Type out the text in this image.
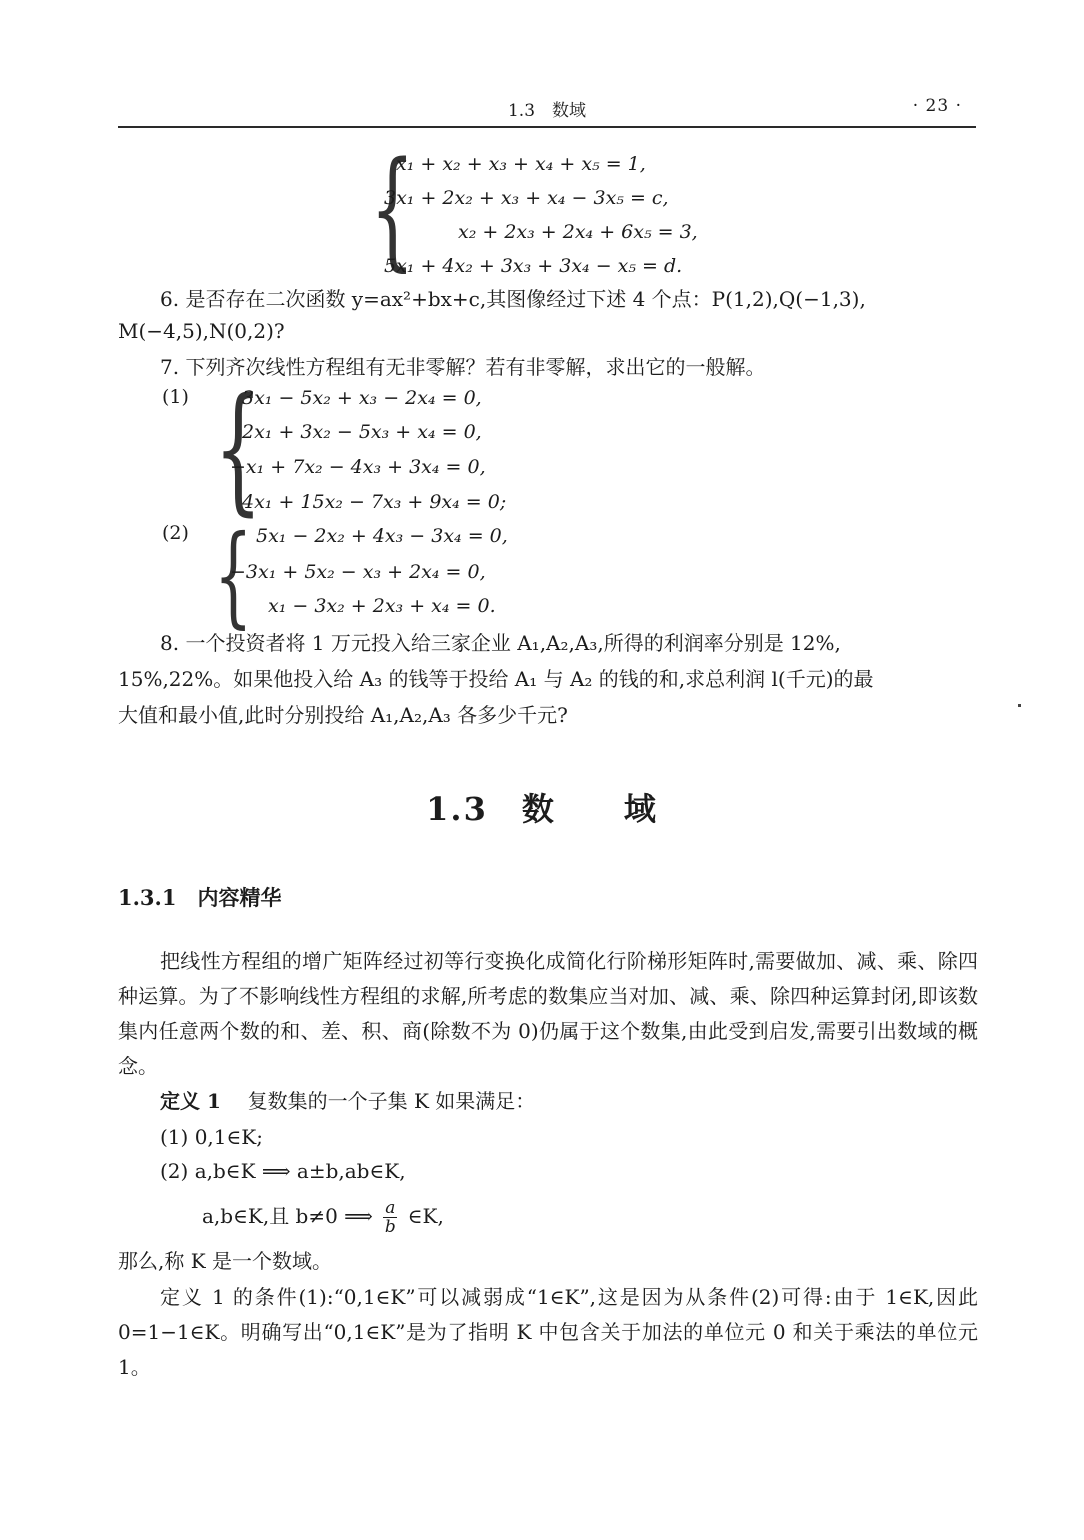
1.3　数域	· 23 ·
{
x₁ + x₂ + x₃ + x₄ + x₅ = 1,
3x₁ + 2x₂ + x₃ + x₄ − 3x₅ = c,
x₂ + 2x₃ + 2x₄ + 6x₅ = 3,
5x₁ + 4x₂ + 3x₃ + 3x₄ − x₅ = d.
6. 是否存在二次函数 y=ax²+bx+c,其图像经过下述 4 个点：P(1,2),Q(−1,3),
M(−4,5),N(0,2)?
7. 下列齐次线性方程组有无非零解？若有非零解，求出它的一般解。
(1) {
3x₁ − 5x₂ + x₃ − 2x₄ = 0,
2x₁ + 3x₂ − 5x₃ + x₄ = 0,
−x₁ + 7x₂ − 4x₃ + 3x₄ = 0,
4x₁ + 15x₂ − 7x₃ + 9x₄ = 0;
(2) { 5x₁ − 2x₂ + 4x₃ − 3x₄ = 0,
−3x₁ + 5x₂ − x₃ + 2x₄ = 0,
x₁ − 3x₂ + 2x₃ + x₄ = 0.
8. 一个投资者将 1 万元投入给三家企业 A₁,A₂,A₃,所得的利润率分别是 12%,
15%,22%。如果他投入给 A₃ 的钱等于投给 A₁ 与 A₂ 的钱的和,求总利润 l(千元)的最
大值和最小值,此时分别投给 A₁,A₂,A₃ 各多少千元?
1.3　数　　域
1.3.1　内容精华
把线性方程组的增广矩阵经过初等行变换化成简化行阶梯形矩阵时,需要做加、减、乘、除四种运算。为了不影响线性方程组的求解,所考虑的数集应当对加、减、乘、除四种运算封闭,即该数集内任意两个数的和、差、积、商(除数不为 0)仍属于这个数集,由此受到启发,需要引出数域的概念。
定义 1 复数集的一个子集 K 如果满足：
(1) 0,1∈K;
(2) a,b∈K ⟹ a±b,ab∈K,
a,b∈K,且 b≠0 ⟹ $\frac{a}{b}$ ∈K,
那么,称 K 是一个数域。
定义 1 的条件(1):“0,1∈K”可以减弱成“1∈K”,这是因为从条件(2)可得:由于 1∈K,因此 0=1−1∈K。明确写出“0,1∈K”是为了指明 K 中包含关于加法的单位元 0 和关于乘法的单位元 1。
